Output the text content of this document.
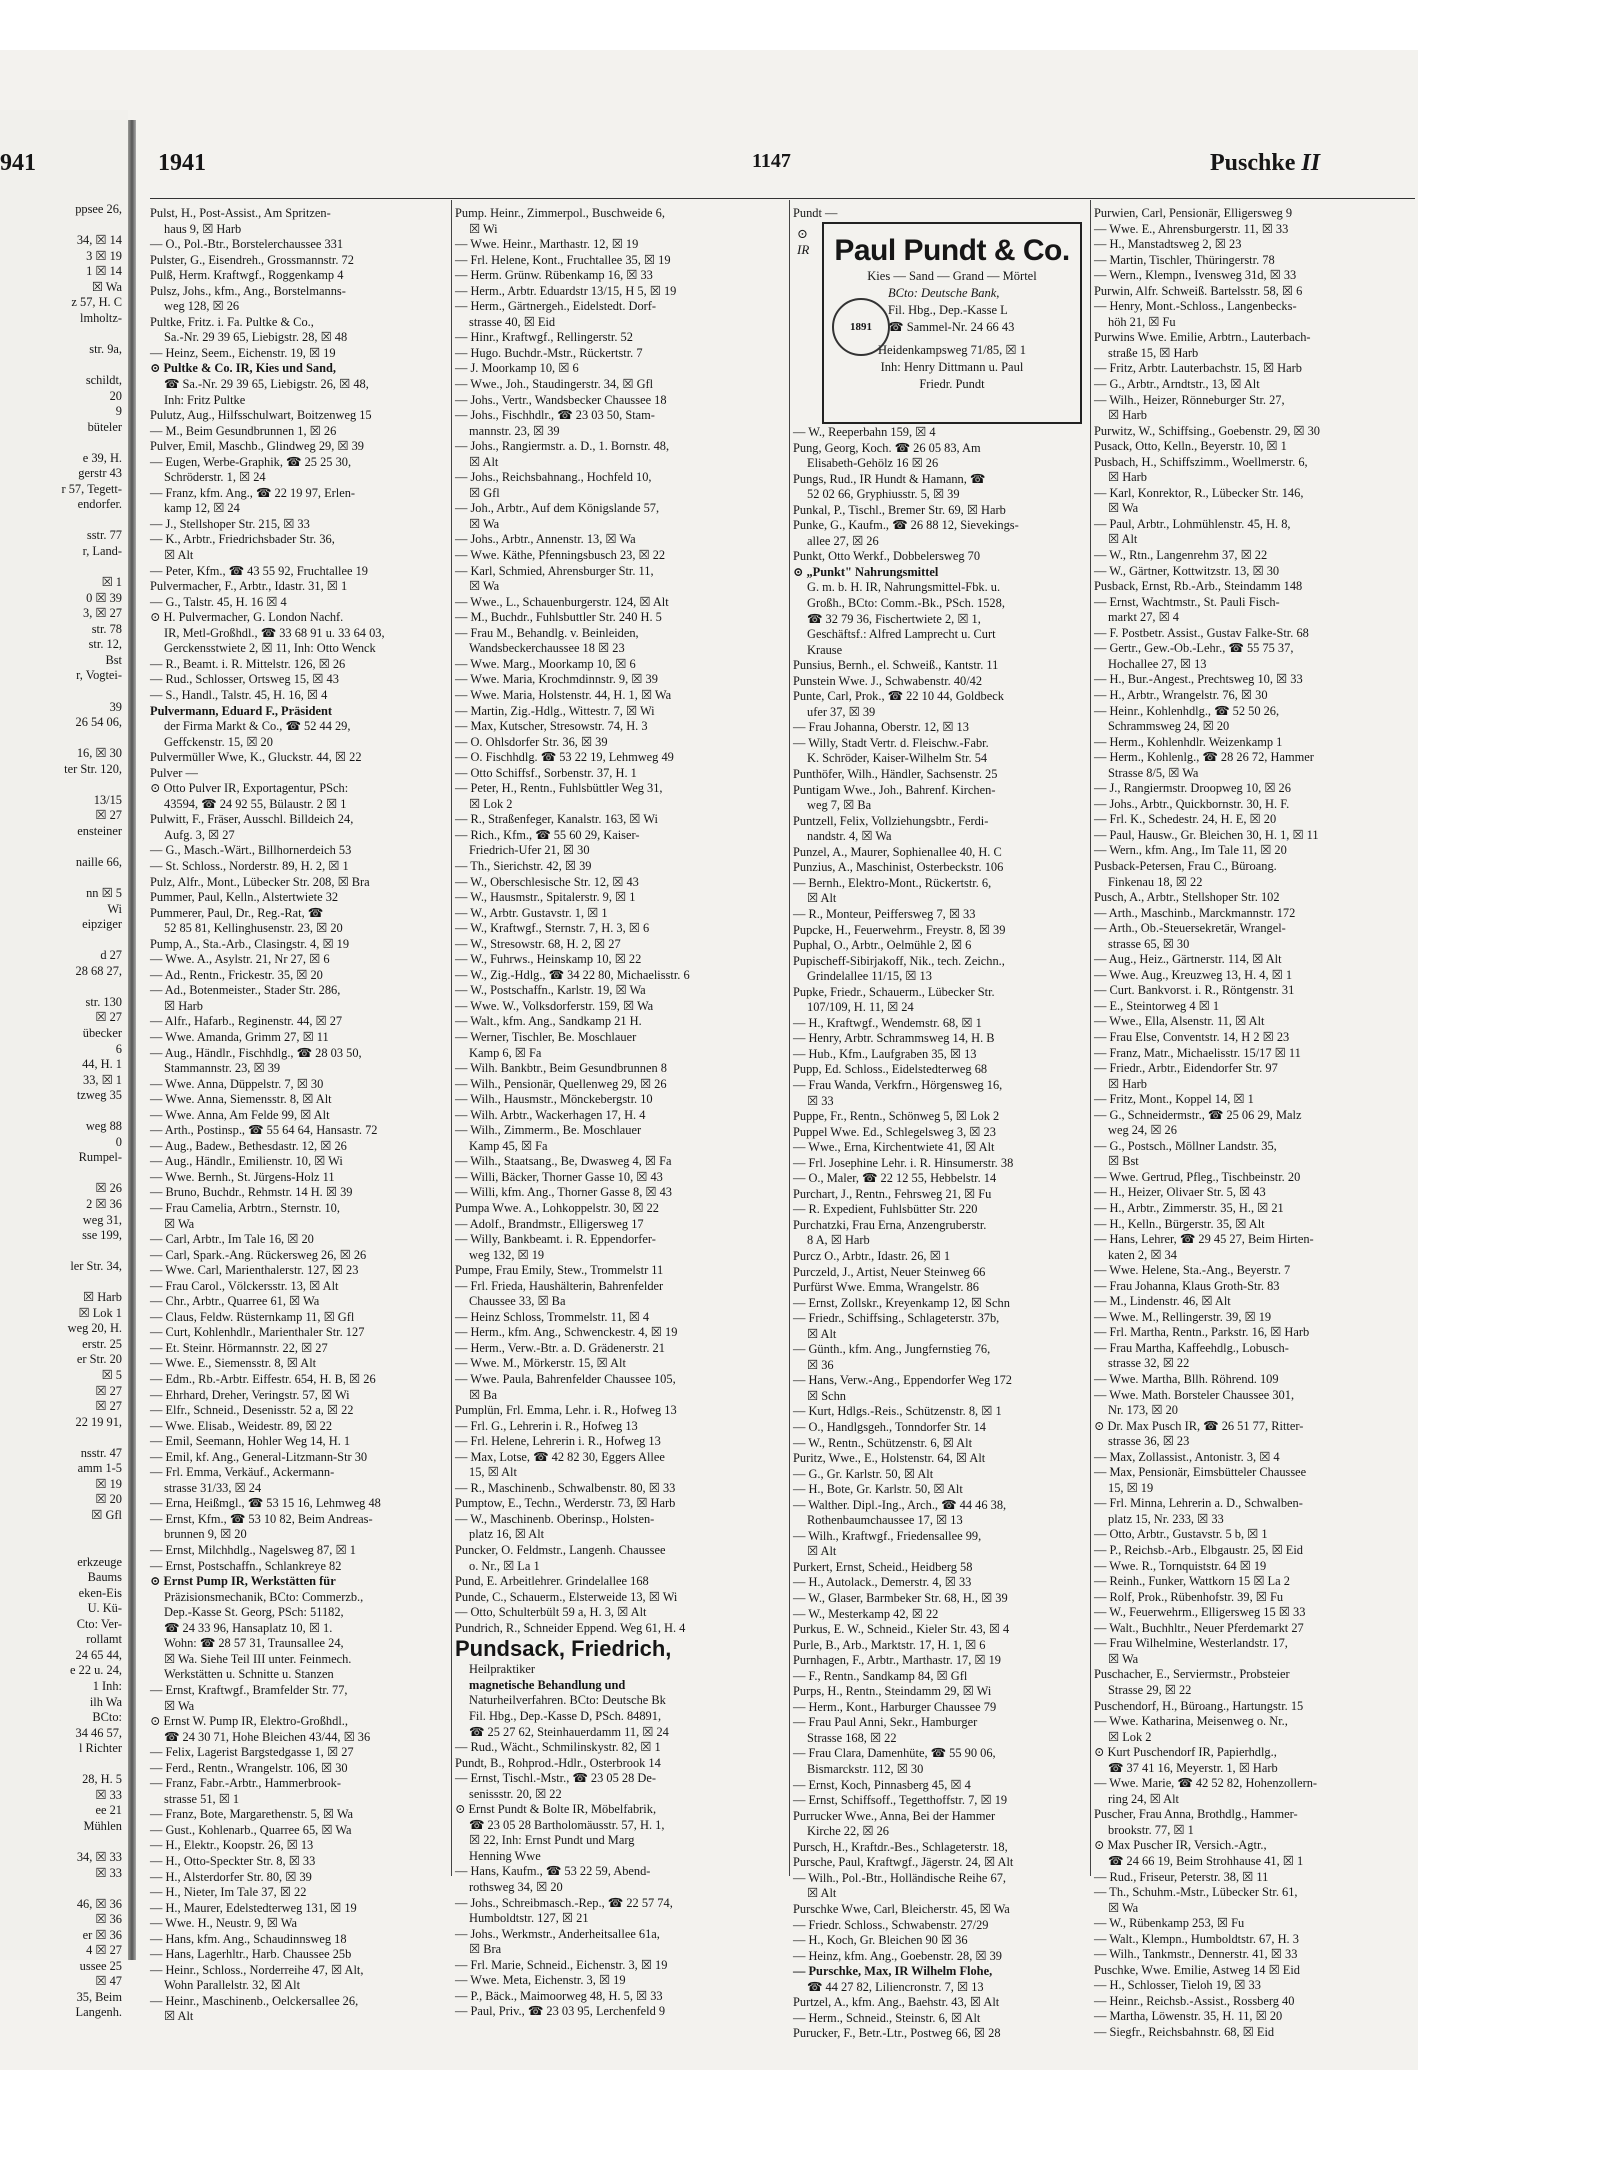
941
ppsee 26,

34, ☒ 14
3 ☒ 19
1 ☒ 14
☒ Wa
z 57, H. C
lmholtz-

str. 9a,

schildt,
20
9
büteler

e 39, H.
gerstr 43
r 57, Tegett-
endorfer.

sstr. 77
r, Land-

☒ 1
0 ☒ 39
3, ☒ 27
str. 78
str. 12,
Bst
r, Vogtei-

39
26 54 06,

16, ☒ 30
ter Str. 120,

13/15
☒ 27
ensteiner

naille 66,

nn ☒ 5
Wi
eipziger

d 27
28 68 27,

str. 130
☒ 27
übecker
6
44, H. 1
33, ☒ 1
tzweg 35

weg 88
0
Rumpel-

☒ 26
2 ☒ 36
weg 31,
sse 199,

ler Str. 34,

☒ Harb
☒ Lok 1
weg 20, H.
erstr. 25
er Str. 20
☒ 5
☒ 27
☒ 27
22 19 91,

nsstr. 47
amm 1-5
☒ 19
☒ 20
☒ Gfl

erkzeuge
Baums
eken-Eis
U. Kü-
Cto: Ver-
rollamt
24 65 44,
e 22 u. 24,
1 Inh:
ilh Wa
BCto:
34 46 57,
l Richter

28, H. 5
☒ 33
ee 21
Mühlen

34, ☒ 33
☒ 33

46, ☒ 36
☒ 36
er ☒ 36
4 ☒ 27
ussee 25
☒ 47
35, Beim
Langenh.
1941	1147	Puschke II
Pulst, H., Post-Assist., Am Spritzen-
haus 9, ☒ Harb
— O., Pol.-Btr., Borstelerchaussee 331
Pulster, G., Eisendreh., Grossmannstr. 72
Pulß, Herm. Kraftwgf., Roggenkamp 4
Pulsz, Johs., kfm., Ang., Borstelmanns-
weg 128, ☒ 26
Pultke, Fritz. i. Fa. Pultke & Co.,
Sa.-Nr. 29 39 65, Liebigstr. 28, ☒ 48
— Heinz, Seem., Eichenstr. 19, ☒ 19
⊙ Pultke & Co. IR, Kies und Sand,
☎ Sa.-Nr. 29 39 65, Liebigstr. 26, ☒ 48,
Inh: Fritz Pultke
Pulutz, Aug., Hilfsschulwart, Boitzenweg 15
— M., Beim Gesundbrunnen 1, ☒ 26
Pulver, Emil, Maschb., Glindweg 29, ☒ 39
— Eugen, Werbe-Graphik, ☎ 25 25 30,
Schröderstr. 1, ☒ 24
— Franz, kfm. Ang., ☎ 22 19 97, Erlen-
kamp 12, ☒ 24
— J., Stellshoper Str. 215, ☒ 33
— K., Arbtr., Friedrichsbader Str. 36,
☒ Alt
— Peter, Kfm., ☎ 43 55 92, Fruchtallee 19
Pulvermacher, F., Arbtr., Idastr. 31, ☒ 1
— G., Talstr. 45, H. 16 ☒ 4
⊙ H. Pulvermacher, G. London Nachf.
IR, Metl-Großhdl., ☎ 33 68 91 u. 33 64 03,
Gerckensstwiete 2, ☒ 11, Inh: Otto Wenck
— R., Beamt. i. R. Mittelstr. 126, ☒ 26
— Rud., Schlosser, Ortsweg 15, ☒ 43
— S., Handl., Talstr. 45, H. 16, ☒ 4
Pulvermann, Eduard F., Präsident
der Firma Markt & Co., ☎ 52 44 29,
Geffckenstr. 15, ☒ 20
Pulvermüller Wwe, K., Gluckstr. 44, ☒ 22
Pulver —
⊙ Otto Pulver IR, Exportagentur, PSch:
43594, ☎ 24 92 55, Bülaustr. 2 ☒ 1
Pulwitt, F., Fräser, Ausschl. Billdeich 24,
Aufg. 3, ☒ 27
— G., Masch.-Wärt., Billhornerdeich 53
— St. Schloss., Norderstr. 89, H. 2, ☒ 1
Pulz, Alfr., Mont., Lübecker Str. 208, ☒ Bra
Pummer, Paul, Kelln., Alstertwiete 32
Pummerer, Paul, Dr., Reg.-Rat, ☎
52 85 81, Kellinghusenstr. 23, ☒ 20
Pump, A., Sta.-Arb., Clasingstr. 4, ☒ 19
— Wwe. A., Asylstr. 21, Nr 27, ☒ 6
— Ad., Rentn., Frickestr. 35, ☒ 20
— Ad., Botenmeister., Stader Str. 286,
☒ Harb
— Alfr., Hafarb., Reginenstr. 44, ☒ 27
— Wwe. Amanda, Grimm 27, ☒ 11
— Aug., Händlr., Fischhdlg., ☎ 28 03 50,
Stammannstr. 23, ☒ 39
— Wwe. Anna, Düppelstr. 7, ☒ 30
— Wwe. Anna, Siemensstr. 8, ☒ Alt
— Wwe. Anna, Am Felde 99, ☒ Alt
— Arth., Postinsp., ☎ 55 64 64, Hansastr. 72
— Aug., Badew., Bethesdastr. 12, ☒ 26
— Aug., Händlr., Emilienstr. 10, ☒ Wi
— Wwe. Bernh., St. Jürgens-Holz 11
— Bruno, Buchdr., Rehmstr. 14 H. ☒ 39
— Frau Camelia, Arbtrn., Sternstr. 10,
☒ Wa
— Carl, Arbtr., Im Tale 16, ☒ 20
— Carl, Spark.-Ang. Rückersweg 26, ☒ 26
— Wwe. Carl, Marienthalerstr. 127, ☒ 23
— Frau Carol., Völckersstr. 13, ☒ Alt
— Chr., Arbtr., Quarree 61, ☒ Wa
— Claus, Feldw. Rüsternkamp 11, ☒ Gfl
— Curt, Kohlenhdlr., Marienthaler Str. 127
— Et. Steinr. Hörmannstr. 22, ☒ 27
— Wwe. E., Siemensstr. 8, ☒ Alt
— Edm., Rb.-Arbtr. Eiffestr. 654, H. B, ☒ 26
— Ehrhard, Dreher, Veringstr. 57, ☒ Wi
— Elfr., Schneid., Desenisstr. 52 a, ☒ 22
— Wwe. Elisab., Weidestr. 89, ☒ 22
— Emil, Seemann, Hohler Weg 14, H. 1
— Emil, kf. Ang., General-Litzmann-Str 30
— Frl. Emma, Verkäuf., Ackermann-
strasse 31/33, ☒ 24
— Erna, Heißmgl., ☎ 53 15 16, Lehmweg 48
— Ernst, Kfm., ☎ 53 10 82, Beim Andreas-
brunnen 9, ☒ 20
— Ernst, Milchhdlg., Nagelsweg 87, ☒ 1
— Ernst, Postschaffn., Schlankreye 82
⊙ Ernst Pump IR, Werkstätten für
Präzisionsmechanik, BCto: Commerzb.,
Dep.-Kasse St. Georg, PSch: 51182,
☎ 24 33 96, Hansaplatz 10, ☒ 1.
Wohn: ☎ 28 57 31, Traunsallee 24,
☒ Wa. Siehe Teil III unter. Feinmech.
Werkstätten u. Schnitte u. Stanzen
— Ernst, Kraftwgf., Bramfelder Str. 77,
☒ Wa
⊙ Ernst W. Pump IR, Elektro-Großhdl.,
☎ 24 30 71, Hohe Bleichen 43/44, ☒ 36
— Felix, Lagerist Bargstedgasse 1, ☒ 27
— Ferd., Rentn., Wrangelstr. 106, ☒ 30
— Franz, Fabr.-Arbtr., Hammerbrook-
strasse 51, ☒ 1
— Franz, Bote, Margarethenstr. 5, ☒ Wa
— Gust., Kohlenarb., Quarree 65, ☒ Wa
— H., Elektr., Koopstr. 26, ☒ 13
— H., Otto-Speckter Str. 8, ☒ 33
— H., Alsterdorfer Str. 80, ☒ 39
— H., Nieter, Im Tale 37, ☒ 22
— H., Maurer, Edelstedterweg 131, ☒ 19
— Wwe. H., Neustr. 9, ☒ Wa
— Hans, kfm. Ang., Schaudinnsweg 18
— Hans, Lagerhltr., Harb. Chaussee 25b
— Heinr., Schloss., Norderreihe 47, ☒ Alt,
Wohn Parallelstr. 32, ☒ Alt
— Heinr., Maschinenb., Oelckersallee 26,
☒ Alt
Pump. Heinr., Zimmerpol., Buschweide 6,
☒ Wi
— Wwe. Heinr., Marthastr. 12, ☒ 19
— Frl. Helene, Kont., Fruchtallee 35, ☒ 19
— Herm. Grünw. Rübenkamp 16, ☒ 33
— Herm., Arbtr. Eduardstr 13/15, H 5, ☒ 19
— Herm., Gärtnergeh., Eidelstedt. Dorf-
strasse 40, ☒ Eid
— Hinr., Kraftwgf., Rellingerstr. 52
— Hugo. Buchdr.-Mstr., Rückertstr. 7
— J. Moorkamp 10, ☒ 6
— Wwe., Joh., Staudingerstr. 34, ☒ Gfl
— Johs., Vertr., Wandsbecker Chaussee 18
— Johs., Fischhdlr., ☎ 23 03 50, Stam-
mannstr. 23, ☒ 39
— Johs., Rangiermstr. a. D., 1. Bornstr. 48,
☒ Alt
— Johs., Reichsbahnang., Hochfeld 10,
☒ Gfl
— Joh., Arbtr., Auf dem Königslande 57,
☒ Wa
— Johs., Arbtr., Annenstr. 13, ☒ Wa
— Wwe. Käthe, Pfenningsbusch 23, ☒ 22
— Karl, Schmied, Ahrensburger Str. 11,
☒ Wa
— Wwe., L., Schauenburgerstr. 124, ☒ Alt
— M., Buchdr., Fuhlsbuttler Str. 240 H. 5
— Frau M., Behandlg. v. Beinleiden,
Wandsbeckerchaussee 18 ☒ 23
— Wwe. Marg., Moorkamp 10, ☒ 6
— Wwe. Maria, Krochmdinnstr. 9, ☒ 39
— Wwe. Maria, Holstenstr. 44, H. 1, ☒ Wa
— Martin, Zig.-Hdlg., Wittestr. 7, ☒ Wi
— Max, Kutscher, Stresowstr. 74, H. 3
— O. Ohlsdorfer Str. 36, ☒ 39
— O. Fischhdlg. ☎ 53 22 19, Lehmweg 49
— Otto Schiffsf., Sorbenstr. 37, H. 1
— Peter, H., Rentn., Fuhlsbüttler Weg 31,
☒ Lok 2
— R., Straßenfeger, Kanalstr. 163, ☒ Wi
— Rich., Kfm., ☎ 55 60 29, Kaiser-
Friedrich-Ufer 21, ☒ 30
— Th., Sierichstr. 42, ☒ 39
— W., Oberschlesische Str. 12, ☒ 43
— W., Hausmstr., Spitalerstr. 9, ☒ 1
— W., Arbtr. Gustavstr. 1, ☒ 1
— W., Kraftwgf., Sternstr. 7, H. 3, ☒ 6
— W., Stresowstr. 68, H. 2, ☒ 27
— W., Fuhrws., Heinskamp 10, ☒ 22
— W., Zig.-Hdlg., ☎ 34 22 80, Michaelisstr. 6
— W., Postschaffn., Karlstr. 19, ☒ Wa
— Wwe. W., Volksdorferstr. 159, ☒ Wa
— Walt., kfm. Ang., Sandkamp 21 H.
— Werner, Tischler, Be. Moschlauer
Kamp 6, ☒ Fa
— Wilh. Bankbtr., Beim Gesundbrunnen 8
— Wilh., Pensionär, Quellenweg 29, ☒ 26
— Wilh., Hausmstr., Mönckebergstr. 10
— Wilh. Arbtr., Wackerhagen 17, H. 4
— Wilh., Zimmerm., Be. Moschlauer
Kamp 45, ☒ Fa
— Wilh., Staatsang., Be, Dwasweg 4, ☒ Fa
— Willi, Bäcker, Thorner Gasse 10, ☒ 43
— Willi, kfm. Ang., Thorner Gasse 8, ☒ 43
Pumpa Wwe. A., Lohkoppelstr. 30, ☒ 22
— Adolf., Brandmstr., Elligersweg 17
— Willy, Bankbeamt. i. R. Eppendorfer-
weg 132, ☒ 19
Pumpe, Frau Emily, Stew., Trommelstr 11
— Frl. Frieda, Haushälterin, Bahrenfelder
Chaussee 33, ☒ Ba
— Heinz Schloss, Trommelstr. 11, ☒ 4
— Herm., kfm. Ang., Schwenckestr. 4, ☒ 19
— Herm., Verw.-Btr. a. D. Grädenerstr. 21
— Wwe. M., Mörkerstr. 15, ☒ Alt
— Wwe. Paula, Bahrenfelder Chaussee 105,
☒ Ba
Pumplün, Frl. Emma, Lehr. i. R., Hofweg 13
— Frl. G., Lehrerin i. R., Hofweg 13
— Frl. Helene, Lehrerin i. R., Hofweg 13
— Max, Lotse, ☎ 42 82 30, Eggers Allee
15, ☒ Alt
— R., Maschinenb., Schwalbenstr. 80, ☒ 33
Pumptow, E., Techn., Werderstr. 73, ☒ Harb
— W., Maschinenb. Oberinsp., Holsten-
platz 16, ☒ Alt
Puncker, O. Feldmstr., Langenh. Chaussee
o. Nr., ☒ La 1
Pund, E. Arbeitlehrer. Grindelallee 168
Punde, C., Schauerm., Elsterweide 13, ☒ Wi
— Otto, Schulterbült 59 a, H. 3, ☒ Alt
Pundrich, R., Schneider Eppend. Weg 61, H. 4
Pundsack, Friedrich,
Heilpraktiker
magnetische Behandlung und
Naturheilverfahren. BCto: Deutsche Bk
Fil. Hbg., Dep.-Kasse D, PSch. 84891,
☎ 25 27 62, Steinhauerdamm 11, ☒ 24
— Rud., Wächt., Schmilinskystr. 82, ☒ 1
Pundt, B., Rohprod.-Hdlr., Osterbrook 14
— Ernst, Tischl.-Mstr., ☎ 23 05 28 De-
senissstr. 20, ☒ 22
⊙ Ernst Pundt & Bolte IR, Möbelfabrik,
☎ 23 05 28 Bartholomäusstr. 57, H. 1,
☒ 22, Inh: Ernst Pundt und Marg
Henning Wwe
— Hans, Kaufm., ☎ 53 22 59, Abend-
rothsweg 34, ☒ 20
— Johs., Schreibmasch.-Rep., ☎ 22 57 74,
Humboldtstr. 127, ☒ 21
— Johs., Werkmstr., Anderheitsallee 61a,
☒ Bra
— Frl. Marie, Schneid., Eichenstr. 3, ☒ 19
— Wwe. Meta, Eichenstr. 3, ☒ 19
— P., Bäck., Maimoorweg 48, H. 5, ☒ 33
— Paul, Priv., ☎ 23 03 95, Lerchenfeld 9
Pundt —
Paul Pundt & Co.
Kies — Sand — Grand — Mörtel
1891
BCto: Deutsche Bank,
Fil. Hbg., Dep.-Kasse L
☎ Sammel-Nr. 24 66 43
Heidenkampsweg 71/85, ☒ 1
Inh: Henry Dittmann u. Paul
Friedr. Pundt
⊙
IR
— W., Reeperbahn 159, ☒ 4
Pung, Georg, Koch. ☎ 26 05 83, Am
Elisabeth-Gehölz 16 ☒ 26
Pungs, Rud., IR Hundt & Hamann, ☎
52 02 66, Gryphiusstr. 5, ☒ 39
Punkal, P., Tischl., Bremer Str. 69, ☒ Harb
Punke, G., Kaufm., ☎ 26 88 12, Sievekings-
allee 27, ☒ 26
Punkt, Otto Werkf., Dobbelersweg 70
⊙ „Punkt" Nahrungsmittel
G. m. b. H. IR, Nahrungsmittel-Fbk. u.
Großh., BCto: Comm.-Bk., PSch. 1528,
☎ 32 79 36, Fischertwiete 2, ☒ 1,
Geschäftsf.: Alfred Lamprecht u. Curt
Krause
Punsius, Bernh., el. Schweiß., Kantstr. 11
Punstein Wwe. J., Schwabenstr. 40/42
Punte, Carl, Prok., ☎ 22 10 44, Goldbeck
ufer 37, ☒ 39
— Frau Johanna, Oberstr. 12, ☒ 13
— Willy, Stadt Vertr. d. Fleischw.-Fabr.
K. Schröder, Kaiser-Wilhelm Str. 54
Punthöfer, Wilh., Händler, Sachsenstr. 25
Puntigam Wwe., Joh., Bahrenf. Kirchen-
weg 7, ☒ Ba
Puntzell, Felix, Vollziehungsbtr., Ferdi-
nandstr. 4, ☒ Wa
Punzel, A., Maurer, Sophienallee 40, H. C
Punzius, A., Maschinist, Osterbeckstr. 106
— Bernh., Elektro-Mont., Rückertstr. 6,
☒ Alt
— R., Monteur, Peiffersweg 7, ☒ 33
Pupcke, H., Feuerwehrm., Freystr. 8, ☒ 39
Puphal, O., Arbtr., Oelmühle 2, ☒ 6
Pupischeff-Sibirjakoff, Nik., tech. Zeichn.,
Grindelallee 11/15, ☒ 13
Pupke, Friedr., Schauerm., Lübecker Str.
107/109, H. 11, ☒ 24
— H., Kraftwgf., Wendemstr. 68, ☒ 1
— Henry, Arbtr. Schrammsweg 14, H. B
— Hub., Kfm., Laufgraben 35, ☒ 13
Pupp, Ed. Schloss., Eidelstedterweg 68
— Frau Wanda, Verkfrn., Hörgensweg 16,
☒ 33
Puppe, Fr., Rentn., Schönweg 5, ☒ Lok 2
Puppel Wwe. Ed., Schlegelsweg 3, ☒ 23
— Wwe., Erna, Kirchentwiete 41, ☒ Alt
— Frl. Josephine Lehr. i. R. Hinsumerstr. 38
— O., Maler, ☎ 22 12 55, Hebbelstr. 14
Purchart, J., Rentn., Fehrsweg 21, ☒ Fu
— R. Expedient, Fuhlsbütter Str. 220
Purchatzki, Frau Erna, Anzengruberstr.
8 A, ☒ Harb
Purcz O., Arbtr., Idastr. 26, ☒ 1
Purczeld, J., Artist, Neuer Steinweg 66
Purfürst Wwe. Emma, Wrangelstr. 86
— Ernst, Zollskr., Kreyenkamp 12, ☒ Schn
— Friedr., Schiffsing., Schlageterstr. 37b,
☒ Alt
— Günth., kfm. Ang., Jungfernstieg 76,
☒ 36
— Hans, Verw.-Ang., Eppendorfer Weg 172
☒ Schn
— Kurt, Hdlgs.-Reis., Schützenstr. 8, ☒ 1
— O., Handlgsgeh., Tonndorfer Str. 14
— W., Rentn., Schützenstr. 6, ☒ Alt
Puritz, Wwe., E., Holstenstr. 64, ☒ Alt
— G., Gr. Karlstr. 50, ☒ Alt
— H., Bote, Gr. Karlstr. 50, ☒ Alt
— Walther. Dipl.-Ing., Arch., ☎ 44 46 38,
Rothenbaumchaussee 17, ☒ 13
— Wilh., Kraftwgf., Friedensallee 99,
☒ Alt
Purkert, Ernst, Scheid., Heidberg 58
— H., Autolack., Demerstr. 4, ☒ 33
— W., Glaser, Barmbeker Str. 68, H., ☒ 39
— W., Mesterkamp 42, ☒ 22
Purkus, E. W., Schneid., Kieler Str. 43, ☒ 4
Purle, B., Arb., Marktstr. 17, H. 1, ☒ 6
Purnhagen, F., Arbtr., Marthastr. 17, ☒ 19
— F., Rentn., Sandkamp 84, ☒ Gfl
Purps, H., Rentn., Steindamm 29, ☒ Wi
— Herm., Kont., Harburger Chaussee 79
— Frau Paul Anni, Sekr., Hamburger
Strasse 168, ☒ 22
— Frau Clara, Damenhüte, ☎ 55 90 06,
Bismarckstr. 112, ☒ 30
— Ernst, Koch, Pinnasberg 45, ☒ 4
— Ernst, Schiffsoff., Tegetthoffstr. 7, ☒ 19
Purrucker Wwe., Anna, Bei der Hammer
Kirche 22, ☒ 26
Pursch, H., Kraftdr.-Bes., Schlageterstr. 18,
Pursche, Paul, Kraftwgf., Jägerstr. 24, ☒ Alt
— Wilh., Pol.-Btr., Holländische Reihe 67,
☒ Alt
Purschke Wwe, Carl, Bleicherstr. 45, ☒ Wa
— Friedr. Schloss., Schwabenstr. 27/29
— H., Koch, Gr. Bleichen 90 ☒ 36
— Heinz, kfm. Ang., Goebenstr. 28, ☒ 39
— Purschke, Max, IR Wilhelm Flohe,
☎ 44 27 82, Liliencronstr. 7, ☒ 13
Purtzel, A., kfm. Ang., Baehstr. 43, ☒ Alt
— Herm., Schneid., Steinstr. 6, ☒ Alt
Purucker, F., Betr.-Ltr., Postweg 66, ☒ 28
Purwien, Carl, Pensionär, Elligersweg 9
— Wwe. E., Ahrensburgerstr. 11, ☒ 33
— H., Manstadtsweg 2, ☒ 23
— Martin, Tischler, Thüringerstr. 78
— Wern., Klempn., Ivensweg 31d, ☒ 33
Purwin, Alfr. Schweiß. Bartelsstr. 58, ☒ 6
— Henry, Mont.-Schloss., Langenbecks-
höh 21, ☒ Fu
Purwins Wwe. Emilie, Arbtrn., Lauterbach-
straße 15, ☒ Harb
— Fritz, Arbtr. Lauterbachstr. 15, ☒ Harb
— G., Arbtr., Arndtstr., 13, ☒ Alt
— Wilh., Heizer, Rönneburger Str. 27,
☒ Harb
Purwitz, W., Schiffsing., Goebenstr. 29, ☒ 30
Pusack, Otto, Kelln., Beyerstr. 10, ☒ 1
Pusbach, H., Schiffszimm., Woellmerstr. 6,
☒ Harb
— Karl, Konrektor, R., Lübecker Str. 146,
☒ Wa
— Paul, Arbtr., Lohmühlenstr. 45, H. 8,
☒ Alt
— W., Rtn., Langenrehm 37, ☒ 22
— W., Gärtner, Kottwitzstr. 13, ☒ 30
Pusback, Ernst, Rb.-Arb., Steindamm 148
— Ernst, Wachtmstr., St. Pauli Fisch-
markt 27, ☒ 4
— F. Postbetr. Assist., Gustav Falke-Str. 68
— Gertr., Gew.-Ob.-Lehr., ☎ 55 75 37,
Hochallee 27, ☒ 13
— H., Bur.-Angest., Prechtsweg 10, ☒ 33
— H., Arbtr., Wrangelstr. 76, ☒ 30
— Heinr., Kohlenhdlg., ☎ 52 50 26,
Schrammsweg 24, ☒ 20
— Herm., Kohlenhdlr. Weizenkamp 1
— Herm., Kohlenlg., ☎ 28 26 72, Hammer
Strasse 8/5, ☒ Wa
— J., Rangiermstr. Droopweg 10, ☒ 26
— Johs., Arbtr., Quickbornstr. 30, H. F.
— Frl. K., Schedestr. 24, H. E, ☒ 20
— Paul, Hausw., Gr. Bleichen 30, H. 1, ☒ 11
— Wern., kfm. Ang., Im Tale 11, ☒ 20
Pusback-Petersen, Frau C., Büroang.
Finkenau 18, ☒ 22
Pusch, A., Arbtr., Stellshoper Str. 102
— Arth., Maschinb., Marckmannstr. 172
— Arth., Ob.-Steuersekretär, Wrangel-
strasse 65, ☒ 30
— Aug., Heiz., Gärtnerstr. 114, ☒ Alt
— Wwe. Aug., Kreuzweg 13, H. 4, ☒ 1
— Curt. Bankvorst. i. R., Röntgenstr. 31
— E., Steintorweg 4 ☒ 1
— Wwe., Ella, Alsenstr. 11, ☒ Alt
— Frau Else, Conventstr. 14, H 2 ☒ 23
— Franz, Matr., Michaelisstr. 15/17 ☒ 11
— Friedr., Arbtr., Eidendorfer Str. 97
☒ Harb
— Fritz, Mont., Koppel 14, ☒ 1
— G., Schneidermstr., ☎ 25 06 29, Malz
weg 24, ☒ 26
— G., Postsch., Möllner Landstr. 35,
☒ Bst
— Wwe. Gertrud, Pfleg., Tischbeinstr. 20
— H., Heizer, Olivaer Str. 5, ☒ 43
— H., Arbtr., Zimmerstr. 35, H., ☒ 21
— H., Kelln., Bürgerstr. 35, ☒ Alt
— Hans, Lehrer, ☎ 29 45 27, Beim Hirten-
katen 2, ☒ 34
— Wwe. Helene, Sta.-Ang., Beyerstr. 7
— Frau Johanna, Klaus Groth-Str. 83
— M., Lindenstr. 46, ☒ Alt
— Wwe. M., Rellingerstr. 39, ☒ 19
— Frl. Martha, Rentn., Parkstr. 16, ☒ Harb
— Frau Martha, Kaffeehdlg., Lobusch-
strasse 32, ☒ 22
— Wwe. Martha, Bllh. Röhrend. 109
— Wwe. Math. Borsteler Chaussee 301,
Nr. 173, ☒ 20
⊙ Dr. Max Pusch IR, ☎ 26 51 77, Ritter-
strasse 36, ☒ 23
— Max, Zollassist., Antonistr. 3, ☒ 4
— Max, Pensionär, Eimsbütteler Chaussee
15, ☒ 19
— Frl. Minna, Lehrerin a. D., Schwalben-
platz 15, Nr. 233, ☒ 33
— Otto, Arbtr., Gustavstr. 5 b, ☒ 1
— P., Reichsb.-Arb., Elbgaustr. 25, ☒ Eid
— Wwe. R., Tornquiststr. 64 ☒ 19
— Reinh., Funker, Wattkorn 15 ☒ La 2
— Rolf, Prok., Rübenhofstr. 39, ☒ Fu
— W., Feuerwehrm., Elligersweg 15 ☒ 33
— Walt., Buchhltr., Neuer Pferdemarkt 27
— Frau Wilhelmine, Westerlandstr. 17,
☒ Wa
Puschacher, E., Serviermstr., Probsteier
Strasse 29, ☒ 22
Puschendorf, H., Büroang., Hartungstr. 15
— Wwe. Katharina, Meisenweg o. Nr.,
☒ Lok 2
⊙ Kurt Puschendorf IR, Papierhdlg.,
☎ 37 41 16, Meyerstr. 1, ☒ Harb
— Wwe. Marie, ☎ 42 52 82, Hohenzollern-
ring 24, ☒ Alt
Puscher, Frau Anna, Brothdlg., Hammer-
brookstr. 77, ☒ 1
⊙ Max Puscher IR, Versich.-Agtr.,
☎ 24 66 19, Beim Strohhause 41, ☒ 1
— Rud., Friseur, Peterstr. 38, ☒ 11
— Th., Schuhm.-Mstr., Lübecker Str. 61,
☒ Wa
— W., Rübenkamp 253, ☒ Fu
— Walt., Klempn., Humboldtstr. 67, H. 3
— Wilh., Tankmstr., Dennerstr. 41, ☒ 33
Puschke, Wwe. Emilie, Astweg 14 ☒ Eid
— H., Schlosser, Tieloh 19, ☒ 33
— Heinr., Reichsb.-Assist., Rossberg 40
— Martha, Löwenstr. 35, H. 11, ☒ 20
— Siegfr., Reichsbahnstr. 68, ☒ Eid
